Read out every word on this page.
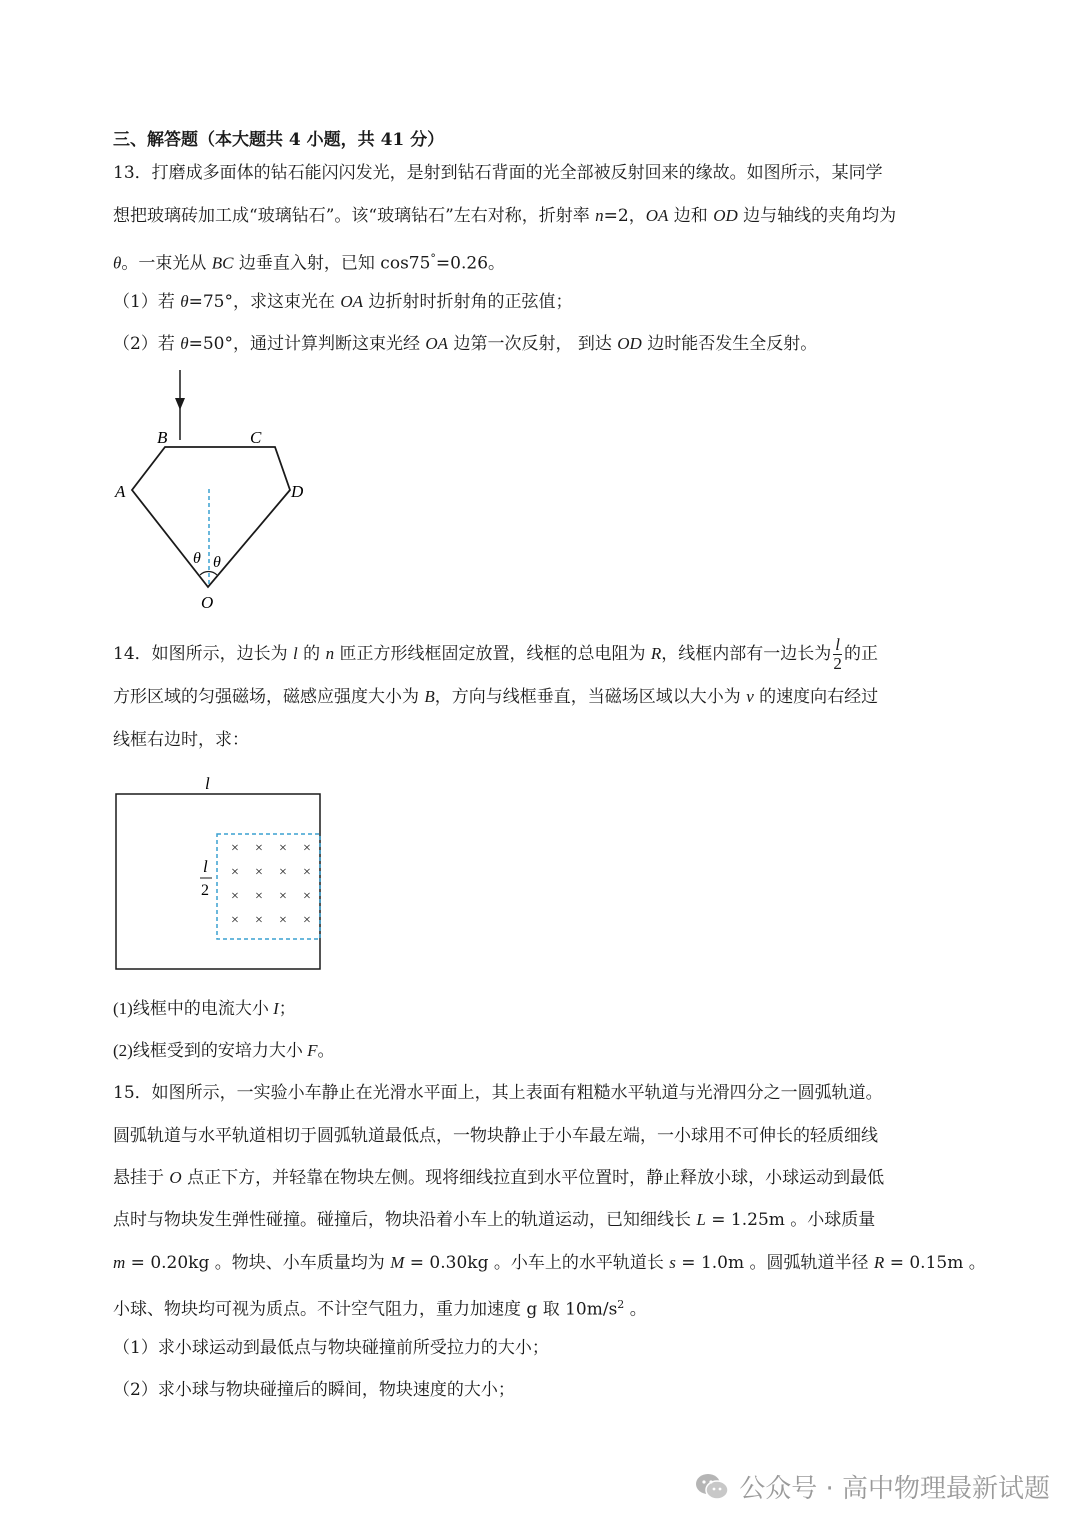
三、解答题（本大题共 4 小题，共 41 分）
13．打磨成多面体的钻石能闪闪发光，是射到钻石背面的光全部被反射回来的缘故。如图所示，某同学
想把玻璃砖加工成“玻璃钻石”。该“玻璃钻石”左右对称，折射率 n=2，OA 边和 OD 边与轴线的夹角均为
θ。一束光从 BC 边垂直入射，已知 cos75°=0.26。
（1）若 θ=75°，求这束光在 OA 边折射时折射角的正弦值；
（2）若 θ=50°，通过计算判断这束光经 OA 边第一次反射， 到达 OD 边时能否发生全反射。
B	C
A	D
O
θ θ
14．如图所示，边长为 l 的 n 匝正方形线框固定放置，线框的总电阻为 R，线框内部有一边长为 $\frac{l}{2}$ 的正
方形区域的匀强磁场，磁感应强度大小为 B，方向与线框垂直，当磁场区域以大小为 v 的速度向右经过
线框右边时，求：
l
l
2
× × × ×
× × × ×
× × × ×
× × × ×
(1)线框中的电流大小 I；
(2)线框受到的安培力大小 F。
15．如图所示，一实验小车静止在光滑水平面上，其上表面有粗糙水平轨道与光滑四分之一圆弧轨道。
圆弧轨道与水平轨道相切于圆弧轨道最低点，一物块静止于小车最左端，一小球用不可伸长的轻质细线
悬挂于 O 点正下方，并轻靠在物块左侧。现将细线拉直到水平位置时，静止释放小球，小球运动到最低
点时与物块发生弹性碰撞。碰撞后，物块沿着小车上的轨道运动，已知细线长 L = 1.25m 。小球质量
m = 0.20kg 。物块、小车质量均为 M = 0.30kg 。小车上的水平轨道长 s = 1.0m 。圆弧轨道半径 R = 0.15m 。
小球、物块均可视为质点。不计空气阻力，重力加速度 g 取 $10m/s^2$ 。
（1）求小球运动到最低点与物块碰撞前所受拉力的大小；
（2）求小球与物块碰撞后的瞬间，物块速度的大小；
公众号 · 高中物理最新试题
